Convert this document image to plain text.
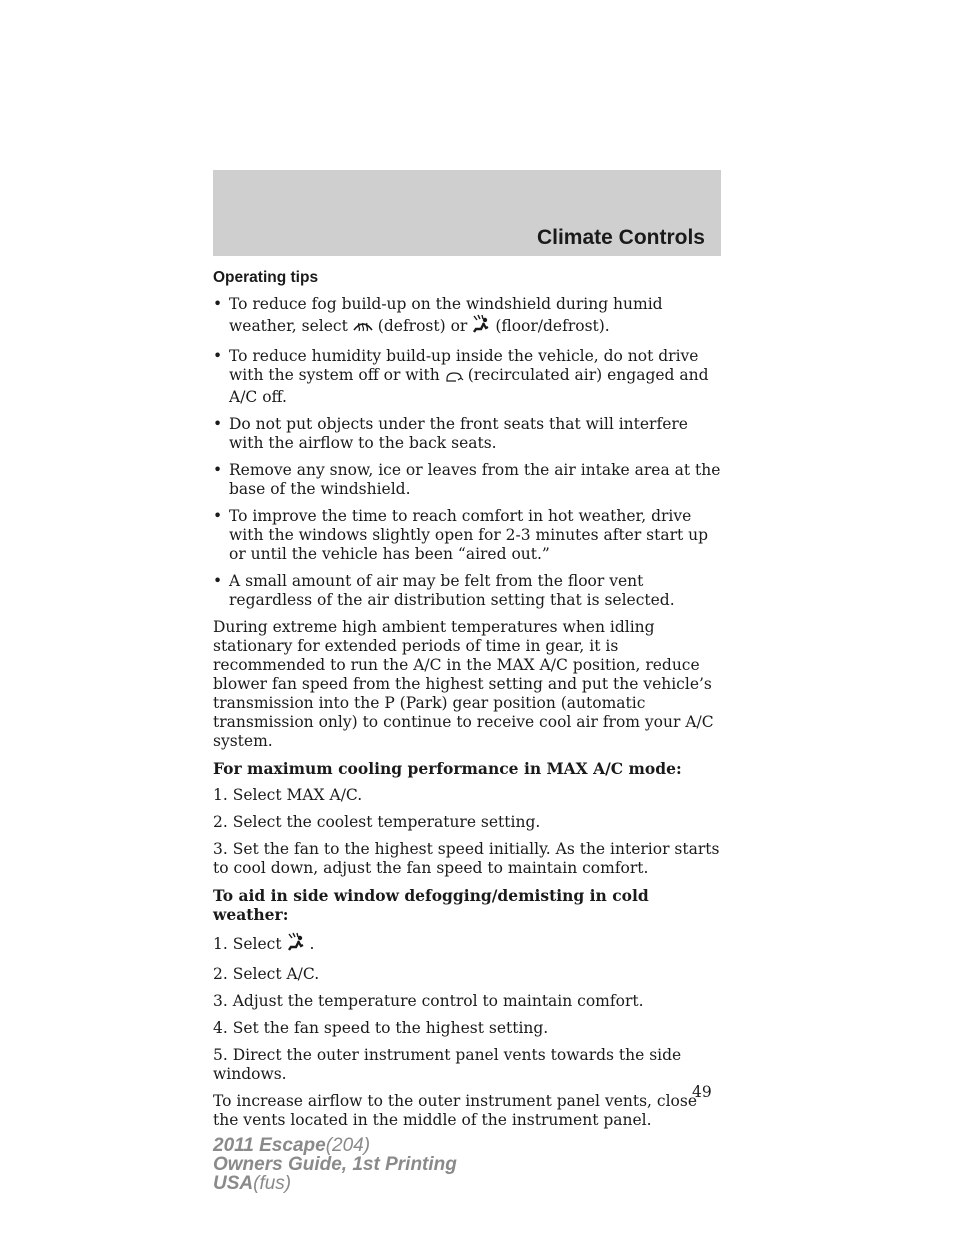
Climate Controls
Operating tips
• To reduce fog build-up on the windshield during humid weather, select (defrost) or (floor/defrost).
• To reduce humidity build-up inside the vehicle, do not drive with the system off or with (recirculated air) engaged and A/C off.
• Do not put objects under the front seats that will interfere with the airflow to the back seats.
• Remove any snow, ice or leaves from the air intake area at the base of the windshield.
• To improve the time to reach comfort in hot weather, drive with the windows slightly open for 2-3 minutes after start up or until the vehicle has been “aired out.”
• A small amount of air may be felt from the floor vent regardless of the air distribution setting that is selected.

During extreme high ambient temperatures when idling stationary for extended periods of time in gear, it is recommended to run the A/C in the MAX A/C position, reduce blower fan speed from the highest setting and put the vehicle’s transmission into the P (Park) gear position (automatic transmission only) to continue to receive cool air from your A/C system.

For maximum cooling performance in MAX A/C mode:

1. Select MAX A/C.

2. Select the coolest temperature setting.

3. Set the fan to the highest speed initially. As the interior starts to cool down, adjust the fan speed to maintain comfort.

To aid in side window defogging/demisting in cold weather:

1. Select .

2. Select A/C.

3. Adjust the temperature control to maintain comfort.

4. Set the fan speed to the highest setting.

5. Direct the outer instrument panel vents towards the side windows.

To increase airflow to the outer instrument panel vents, close the vents located in the middle of the instrument panel.

49
2011 Escape(204)
Owners Guide, 1st Printing
USA(fus)
